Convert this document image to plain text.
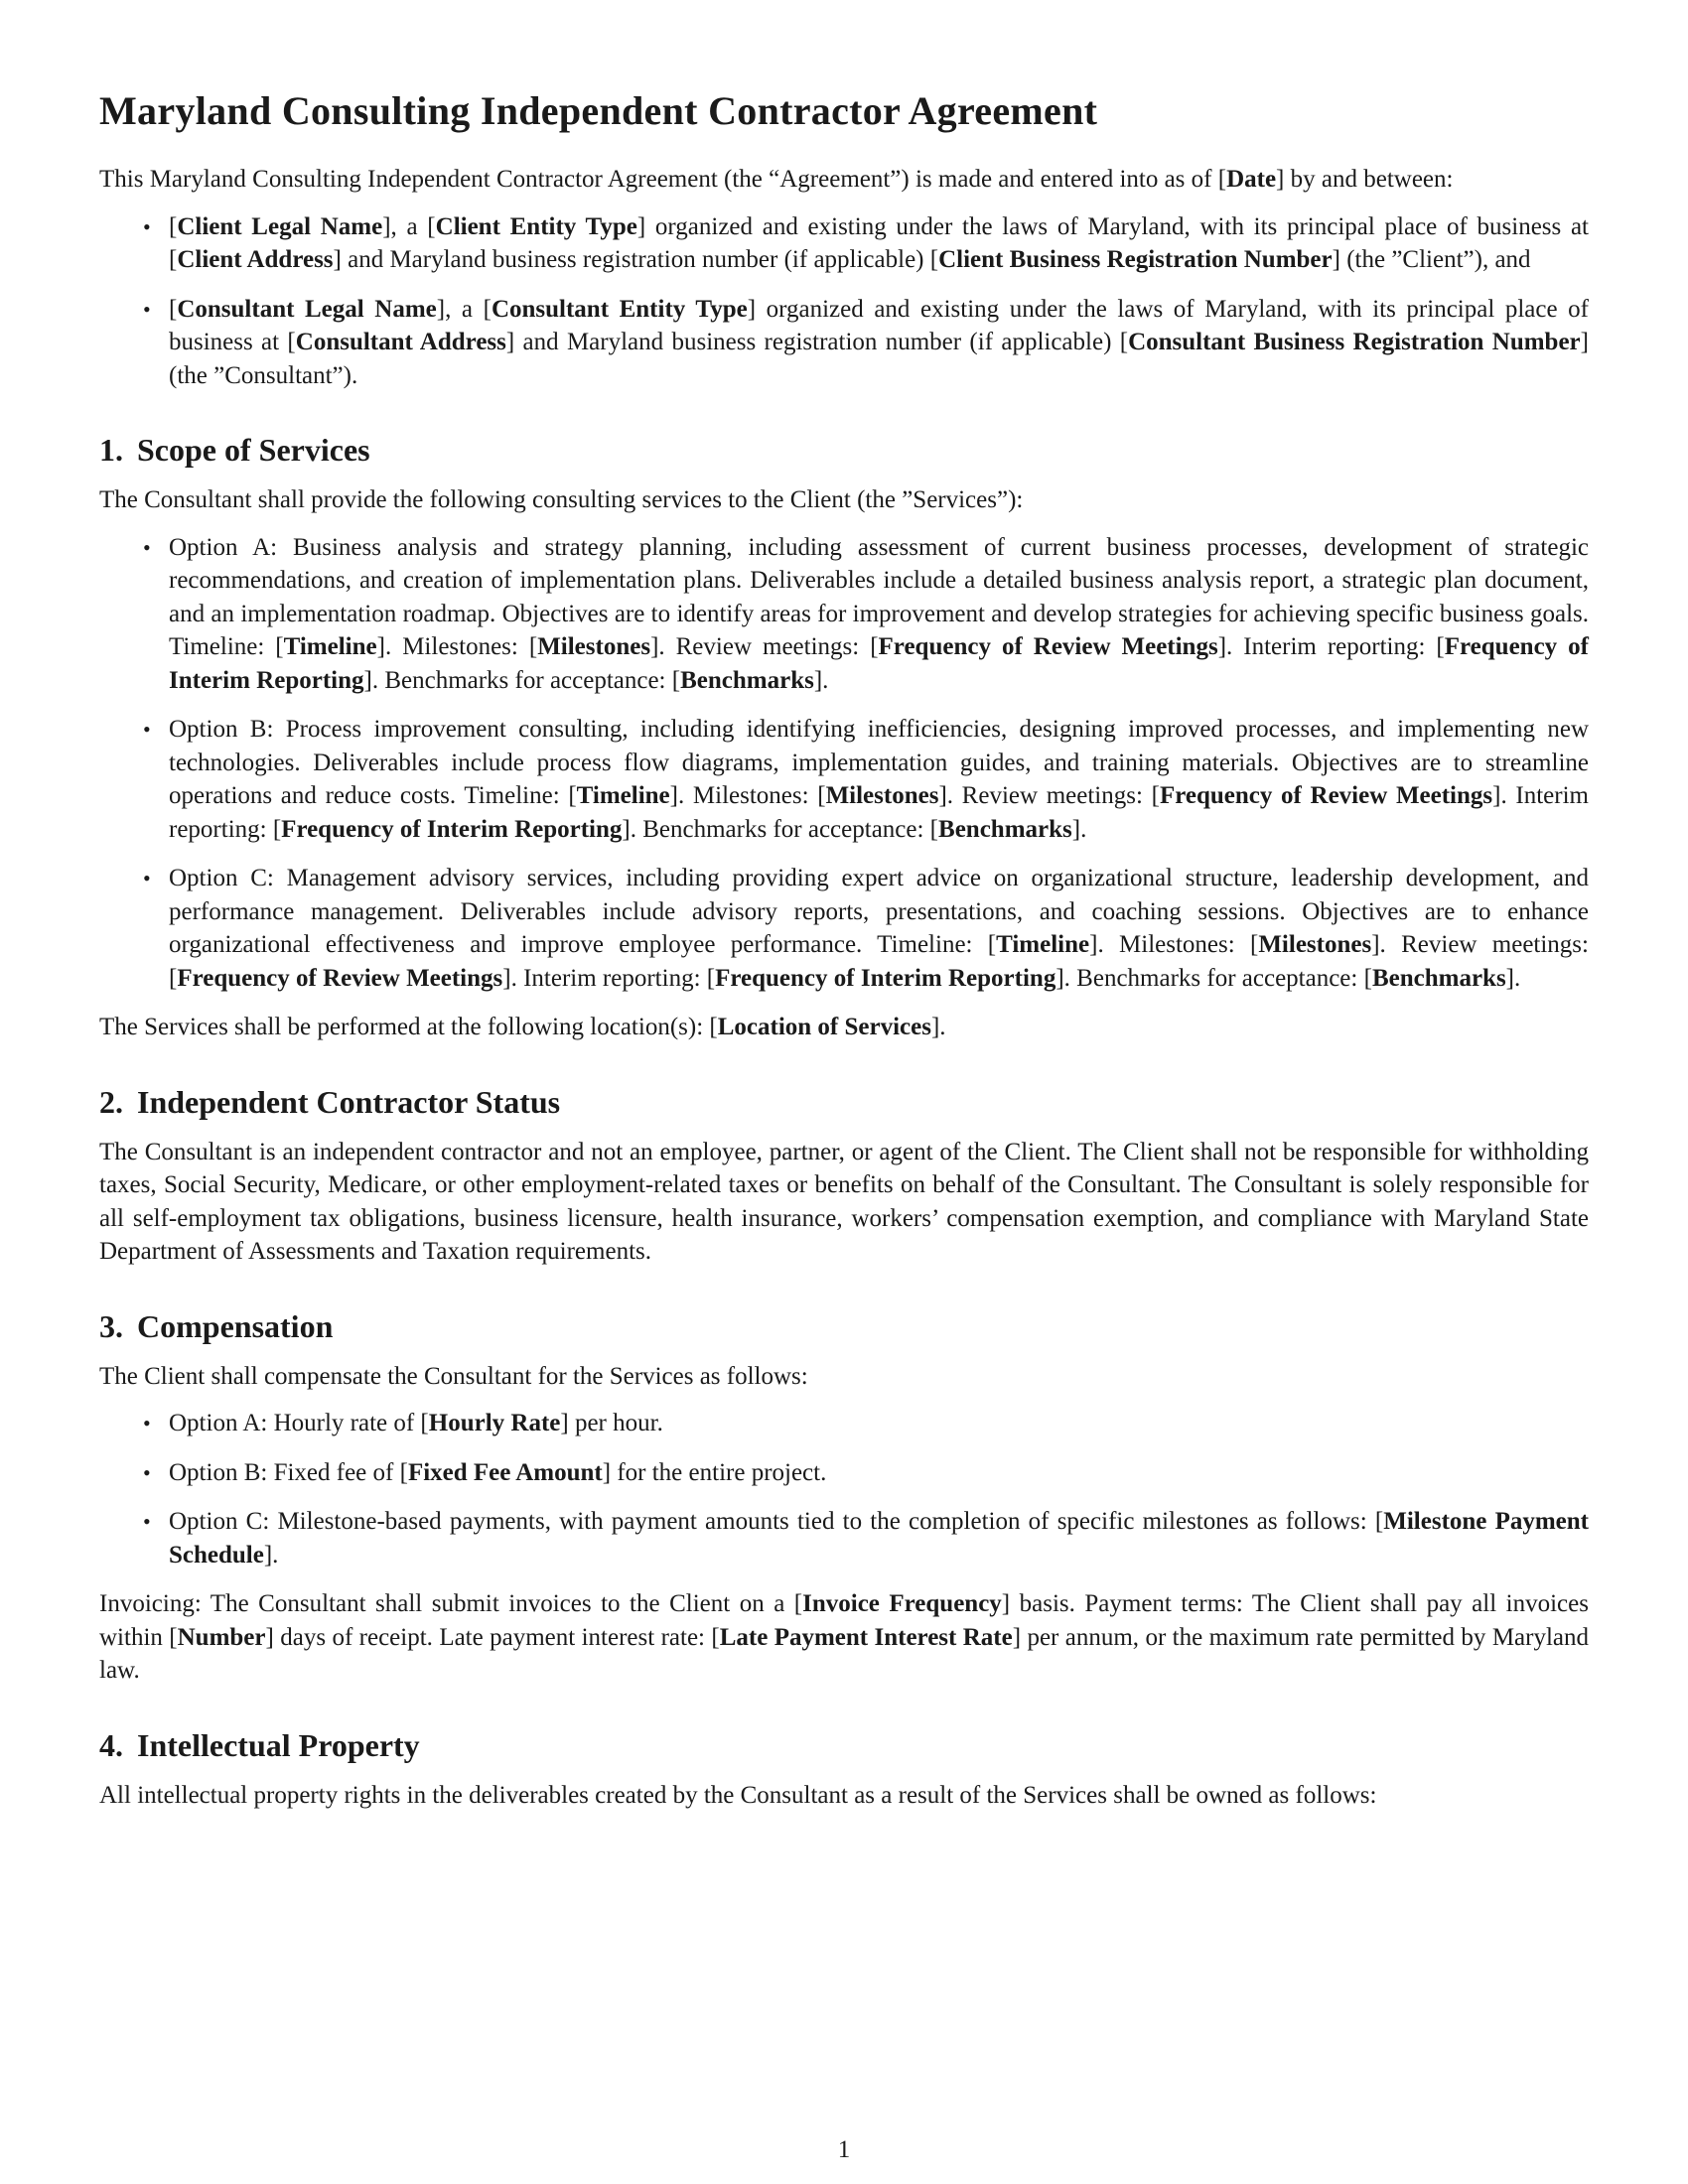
Maryland Consulting Independent Contractor Agreement

This Maryland Consulting Independent Contractor Agreement (the “Agreement”) is made and entered into as of [Date] by and between:

• [Client Legal Name], a [Client Entity Type] organized and existing under the laws of Maryland, with its principal place of business at [Client Address] and Maryland business registration number (if applicable) [Client Business Registration Number] (the ”Client”), and
• [Consultant Legal Name], a [Consultant Entity Type] organized and existing under the laws of Maryland, with its principal place of business at [Consultant Address] and Maryland business registration number (if applicable) [Consultant Business Registration Number] (the ”Consultant”).
1. Scope of Services

The Consultant shall provide the following consulting services to the Client (the ”Services”):

• Option A: Business analysis and strategy planning, including assessment of current business processes, development of strategic recommendations, and creation of implementation plans. Deliverables include a detailed business analysis report, a strategic plan document, and an implementation roadmap. Objectives are to identify areas for improvement and develop strategies for achieving specific business goals. Timeline: [Timeline]. Milestones: [Milestones]. Review meetings: [Frequency of Review Meetings]. Interim reporting: [Frequency of Interim Reporting]. Benchmarks for acceptance: [Benchmarks].
• Option B: Process improvement consulting, including identifying inefficiencies, designing improved processes, and implementing new technologies. Deliverables include process flow diagrams, implementation guides, and training materials. Objectives are to streamline operations and reduce costs. Timeline: [Timeline]. Milestones: [Milestones]. Review meetings: [Frequency of Review Meetings]. Interim reporting: [Frequency of Interim Reporting]. Benchmarks for acceptance: [Benchmarks].
• Option C: Management advisory services, including providing expert advice on organizational structure, leadership development, and performance management. Deliverables include advisory reports, presentations, and coaching sessions. Objectives are to enhance organizational effectiveness and improve employee performance. Timeline: [Timeline]. Milestones: [Milestones]. Review meetings: [Frequency of Review Meetings]. Interim reporting: [Frequency of Interim Reporting]. Benchmarks for acceptance: [Benchmarks].

The Services shall be performed at the following location(s): [Location of Services].

2. Independent Contractor Status

The Consultant is an independent contractor and not an employee, partner, or agent of the Client. The Client shall not be responsible for withholding taxes, Social Security, Medicare, or other employment-related taxes or benefits on behalf of the Consultant. The Consultant is solely responsible for all self-employment tax obligations, business licensure, health insurance, workers’ compensation exemption, and compliance with Maryland State Department of Assessments and Taxation requirements.

3. Compensation

The Client shall compensate the Consultant for the Services as follows:

• Option A: Hourly rate of [Hourly Rate] per hour.
• Option B: Fixed fee of [Fixed Fee Amount] for the entire project.
• Option C: Milestone-based payments, with payment amounts tied to the completion of specific milestones as follows: [Milestone Payment Schedule].

Invoicing: The Consultant shall submit invoices to the Client on a [Invoice Frequency] basis. Payment terms: The Client shall pay all invoices within [Number] days of receipt. Late payment interest rate: [Late Payment Interest Rate] per annum, or the maximum rate permitted by Maryland law.

4. Intellectual Property

All intellectual property rights in the deliverables created by the Consultant as a result of the Services shall be owned as follows:

1
